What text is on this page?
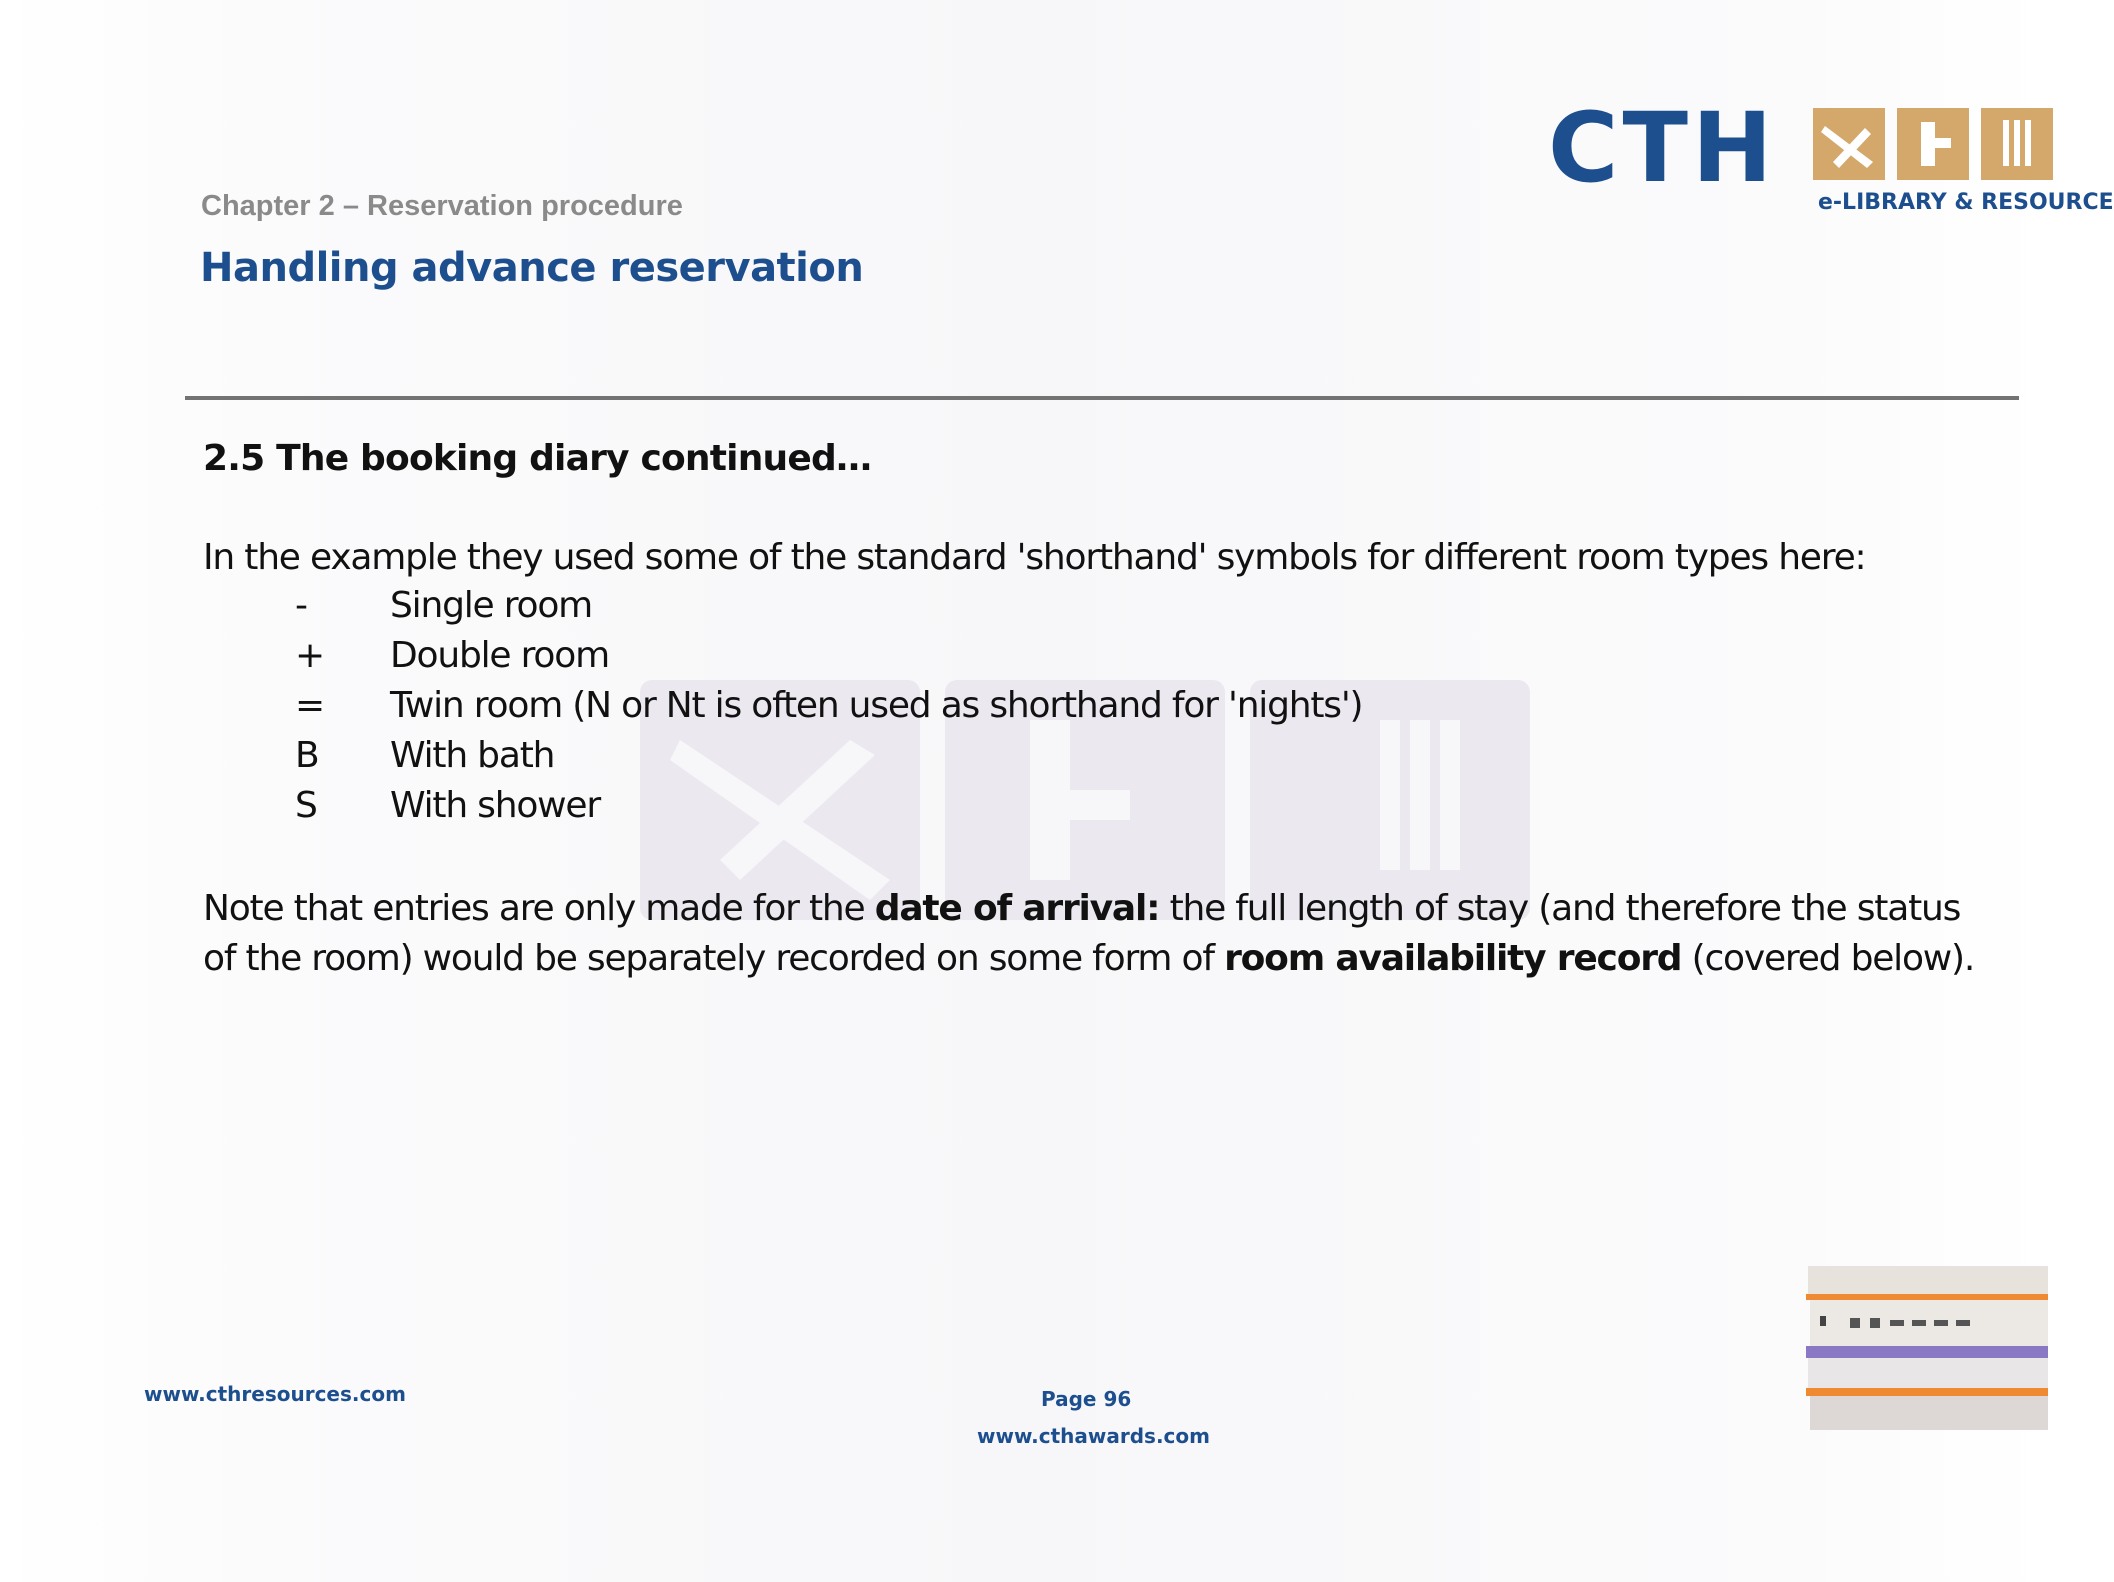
CTH e-LIBRARY & RESOURCE
Chapter 2 – Reservation procedure
Handling advance reservation
2.5 The booking diary continued…
In the example they used some of the standard 'shorthand' symbols for different room types here:
-	Single room
+	Double room
=	Twin room (N or Nt is often used as shorthand for 'nights')
B	With bath
S	With shower
Note that entries are only made for the date of arrival: the full length of stay (and therefore the status
of the room) would be separately recorded on some form of room availability record (covered below).
www.cthresources.com	Page 96
www.cthawards.com
